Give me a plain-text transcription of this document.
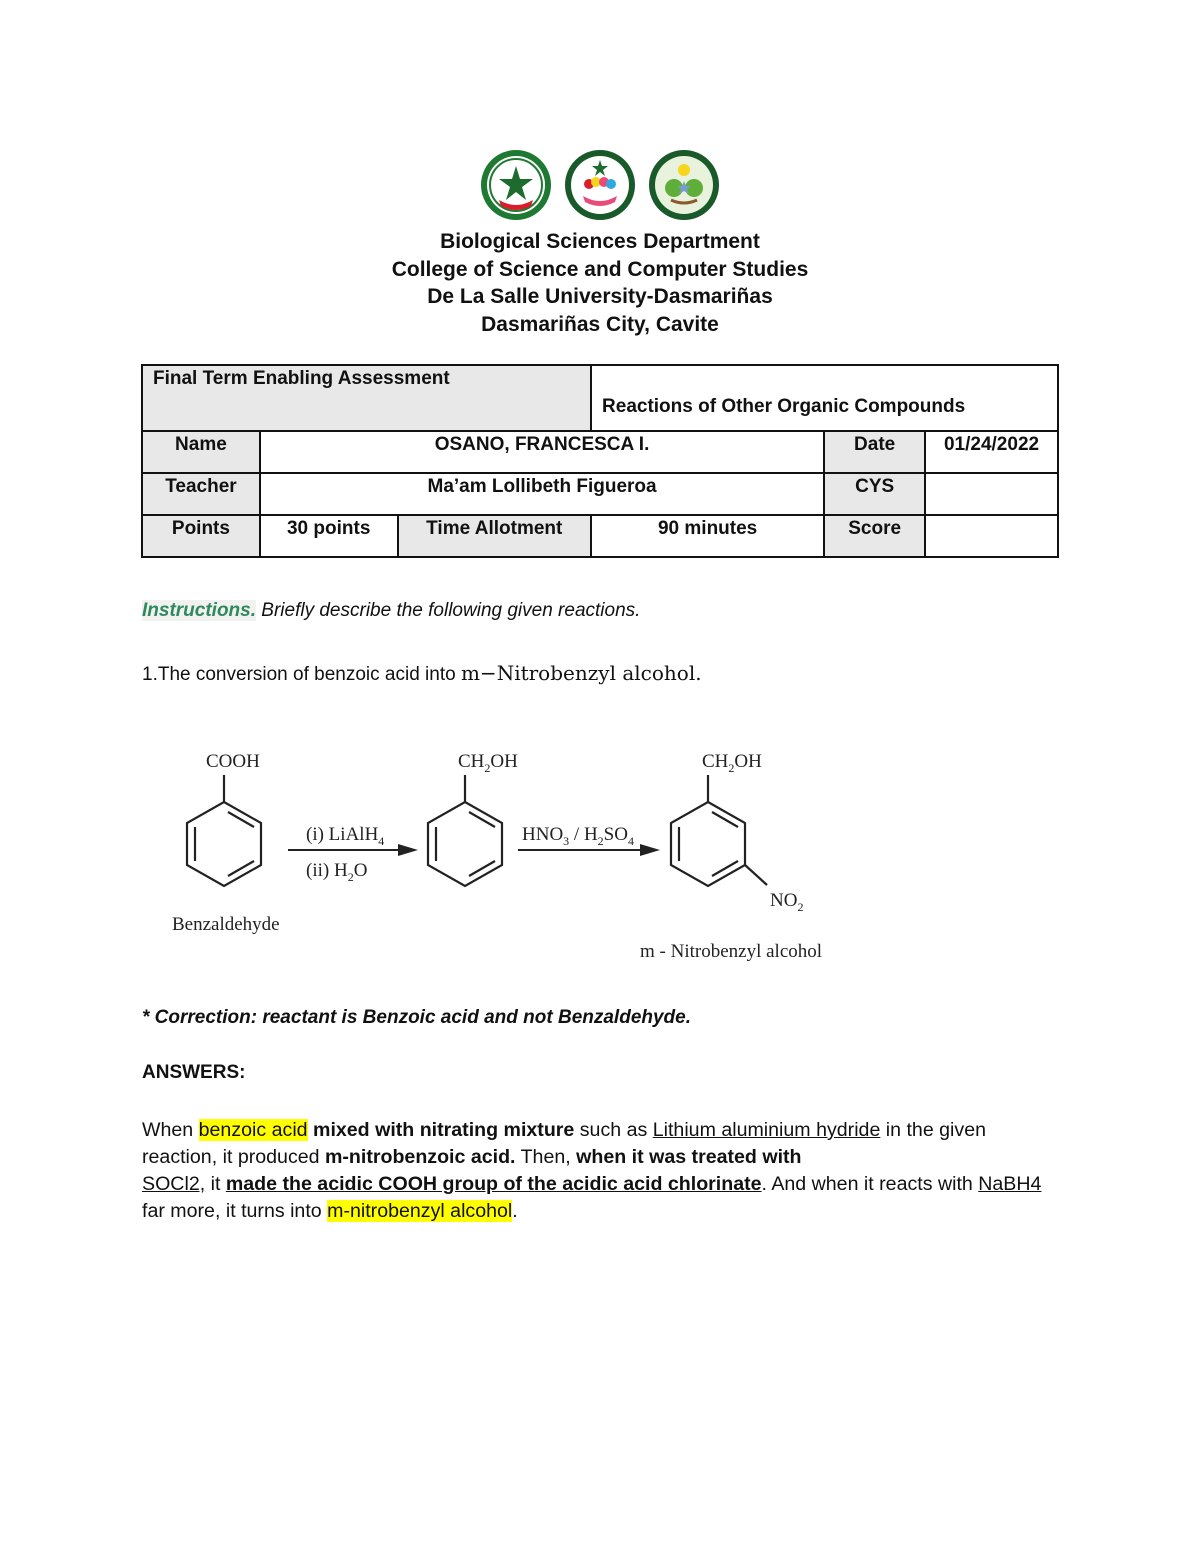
Biological Sciences Department
College of Science and Computer Studies
De La Salle University-Dasmariñas
Dasmariñas City, Cavite
Final Term Enabling Assessment			Reactions of Other Organic Compounds		
Name	OSANO, FRANCESCA I.			Date	01/24/2022
Teacher	Ma’am Lollibeth Figueroa			CYS	
Points	30 points	Time Allotment	90 minutes	Score	
Instructions. Briefly describe the following given reactions.
1.The conversion of benzoic acid into m−Nitrobenzyl alcohol.
COOH
Benzaldehyde
(i) LiAlH$_4$
(ii) $H_2O$
$CH_2OH$
$HNO_3 / H_2SO_4$
$CH_2OH$
$NO_2$
m - Nitrobenzyl alcohol
* Correction: reactant is Benzoic acid and not Benzaldehyde.
ANSWERS:
When benzoic acid mixed with nitrating mixture such as Lithium aluminium hydride in the given reaction, it produced m-nitrobenzoic acid. Then, when it was treated with
SOCl2, it made the acidic COOH group of the acidic acid chlorinate. And when it reacts with NaBH4 far more, it turns into m-nitrobenzyl alcohol.
